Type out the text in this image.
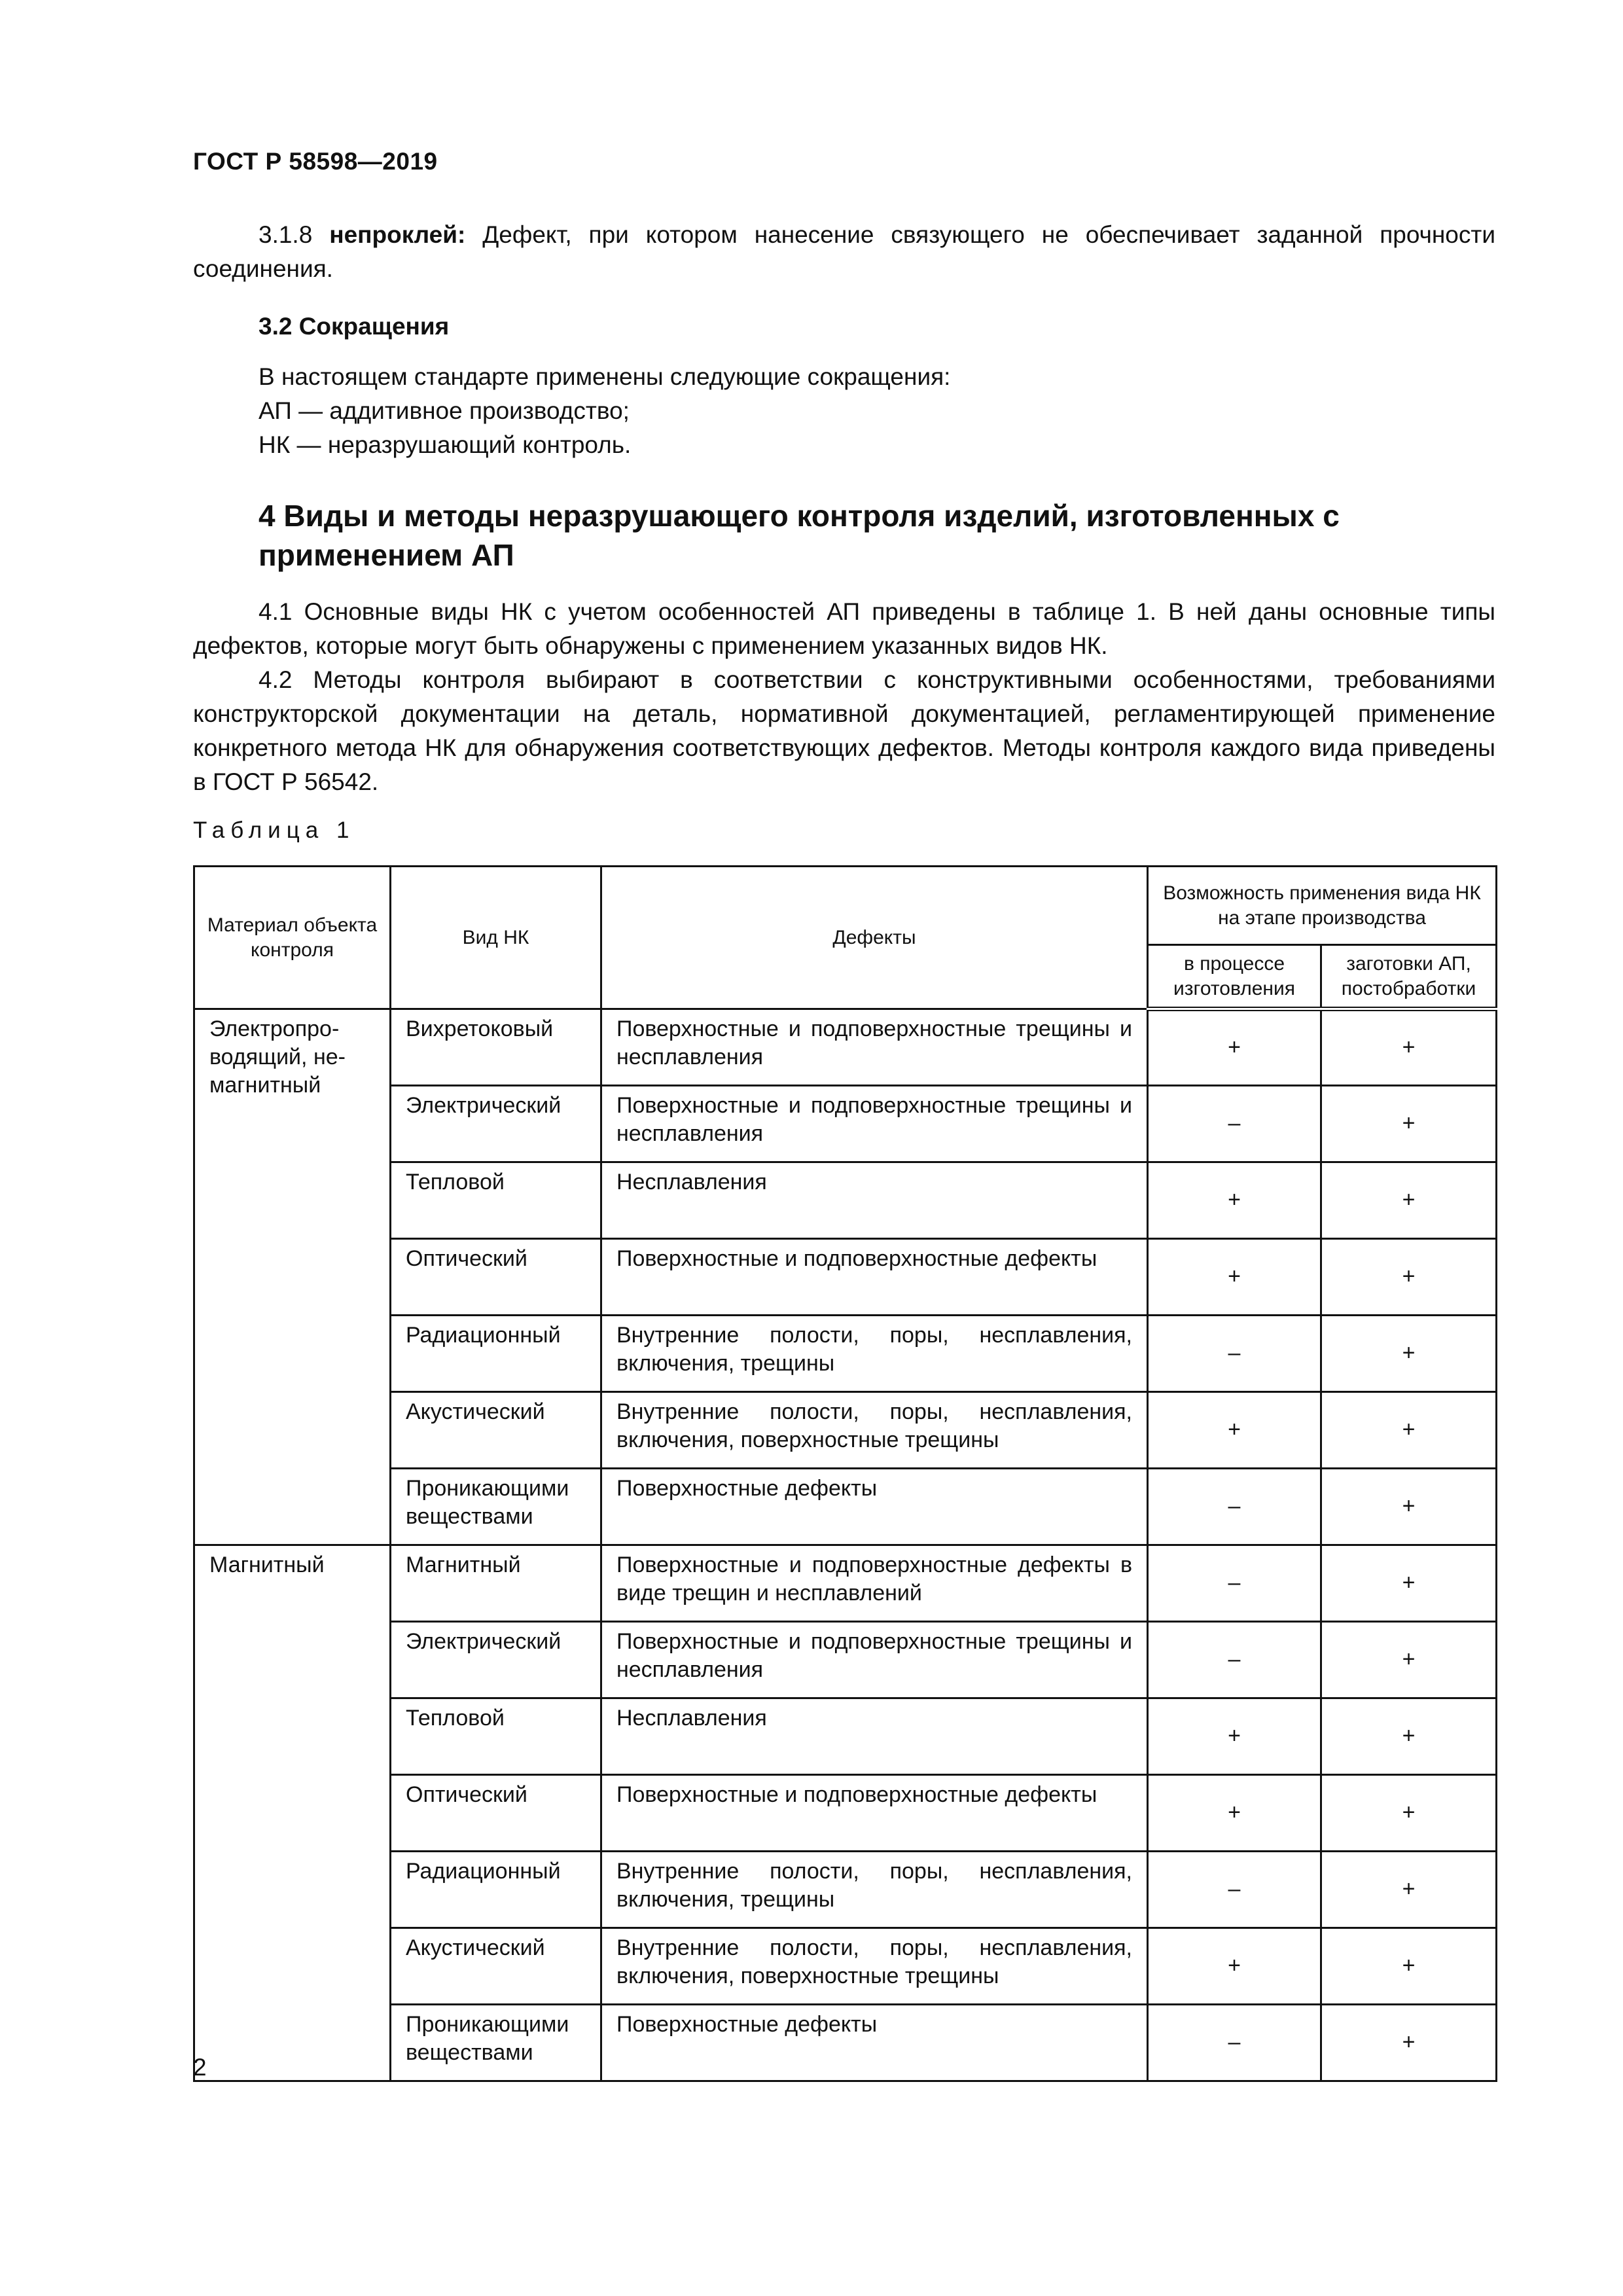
ГОСТ Р 58598—2019
3.1.8 непроклей: Дефект, при котором нанесение связующего не обеспечивает заданной прочности соединения.
3.2 Сокращения
В настоящем стандарте применены следующие сокращения:
АП — аддитивное производство;
НК — неразрушающий контроль.
4 Виды и методы неразрушающего контроля изделий, изготовленных с применением АП
4.1 Основные виды НК с учетом особенностей АП приведены в таблице 1. В ней даны основные типы дефектов, которые могут быть обнаружены с применением указанных видов НК.
4.2 Методы контроля выбирают в соответствии с конструктивными особенностями, требованиями конструкторской документации на деталь, нормативной документацией, регламентирующей применение конкретного метода НК для обнаружения соответствующих дефектов. Методы контроля каждого вида приведены в ГОСТ Р 56542.
Таблица 1
Материал объекта контроля	Вид НК	Дефекты	Возможность применения вида НК на этапе производства	
			в процессе изготовления	заготовки АП, постобработки
Электропроводящий, немагнитный	Вихретоковый	Поверхностные и подповерхностные трещины и несплавления	+	+
	Электрический	Поверхностные и подповерхностные трещины и несплавления	–	+
	Тепловой	Несплавления	+	+
	Оптический	Поверхностные и подповерхностные дефекты	+	+
	Радиационный	Внутренние полости, поры, несплавления, включения, трещины	–	+
	Акустический	Внутренние полости, поры, несплавления, включения, поверхностные трещины	+	+
	Проникающими веществами	Поверхностные дефекты	–	+
Магнитный	Магнитный	Поверхностные и подповерхностные дефекты в виде трещин и несплавлений	–	+
	Электрический	Поверхностные и подповерхностные трещины и несплавления	–	+
	Тепловой	Несплавления	+	+
	Оптический	Поверхностные и подповерхностные дефекты	+	+
	Радиационный	Внутренние полости, поры, несплавления, включения, трещины	–	+
	Акустический	Внутренние полости, поры, несплавления, включения, поверхностные трещины	+	+
	Проникающими веществами	Поверхностные дефекты	–	+
2
